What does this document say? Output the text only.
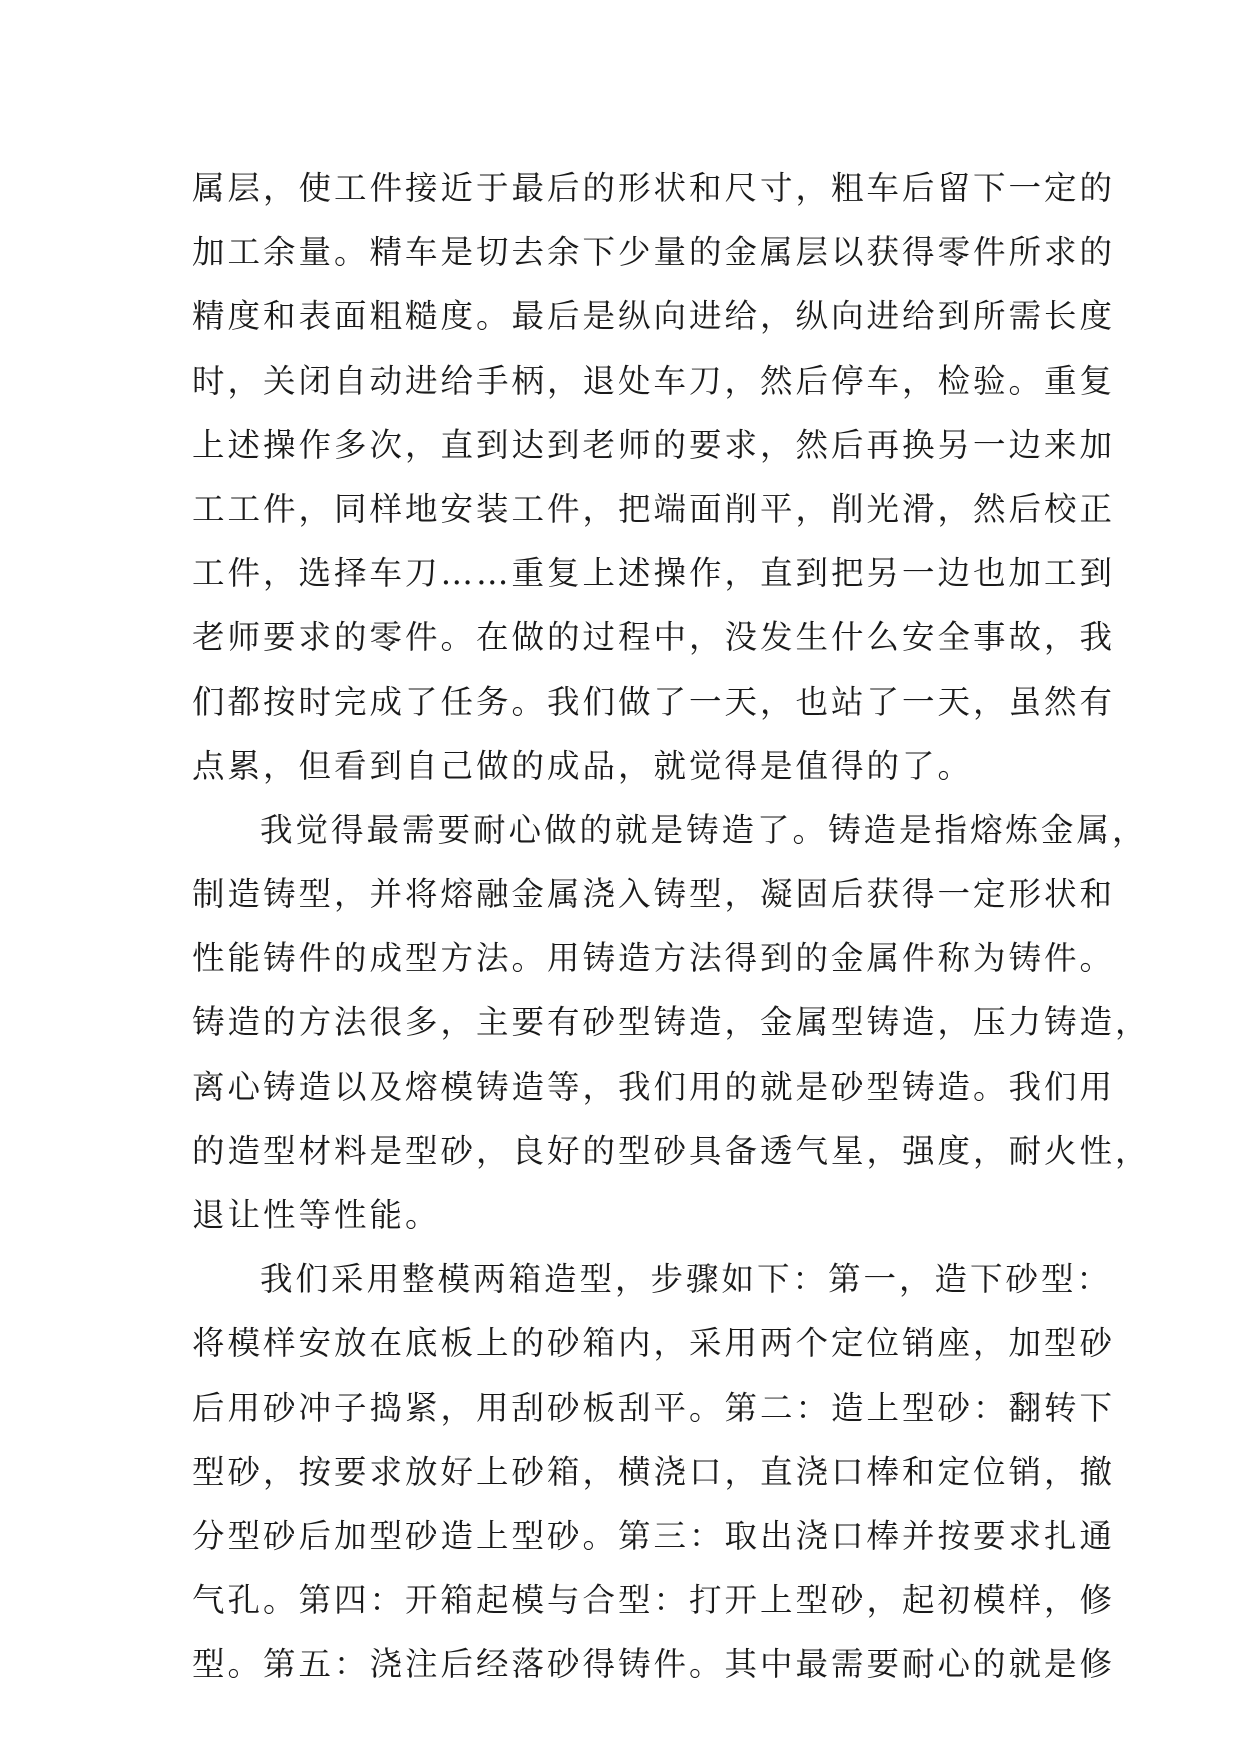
属层，使工件接近于最后的形状和尺寸，粗车后留下一定的
加工余量。精车是切去余下少量的金属层以获得零件所求的
精度和表面粗糙度。最后是纵向进给，纵向进给到所需长度
时，关闭自动进给手柄，退处车刀，然后停车，检验。重复
上述操作多次，直到达到老师的要求，然后再换另一边来加
工工件，同样地安装工件，把端面削平，削光滑，然后校正
工件，选择车刀……重复上述操作，直到把另一边也加工到
老师要求的零件。在做的过程中，没发生什么安全事故，我
们都按时完成了任务。我们做了一天，也站了一天，虽然有
点累，但看到自己做的成品，就觉得是值得的了。
我觉得最需要耐心做的就是铸造了。铸造是指熔炼金属，
制造铸型，并将熔融金属浇入铸型，凝固后获得一定形状和
性能铸件的成型方法。用铸造方法得到的金属件称为铸件。
铸造的方法很多，主要有砂型铸造，金属型铸造，压力铸造，
离心铸造以及熔模铸造等，我们用的就是砂型铸造。我们用
的造型材料是型砂，良好的型砂具备透气星，强度，耐火性，
退让性等性能。
我们采用整模两箱造型，步骤如下：第一，造下砂型：
将模样安放在底板上的砂箱内，采用两个定位销座，加型砂
后用砂冲子捣紧，用刮砂板刮平。第二：造上型砂：翻转下
型砂，按要求放好上砂箱，横浇口，直浇口棒和定位销，撤
分型砂后加型砂造上型砂。第三：取出浇口棒并按要求扎通
气孔。第四：开箱起模与合型：打开上型砂，起初模样，修
型。第五：浇注后经落砂得铸件。其中最需要耐心的就是修
